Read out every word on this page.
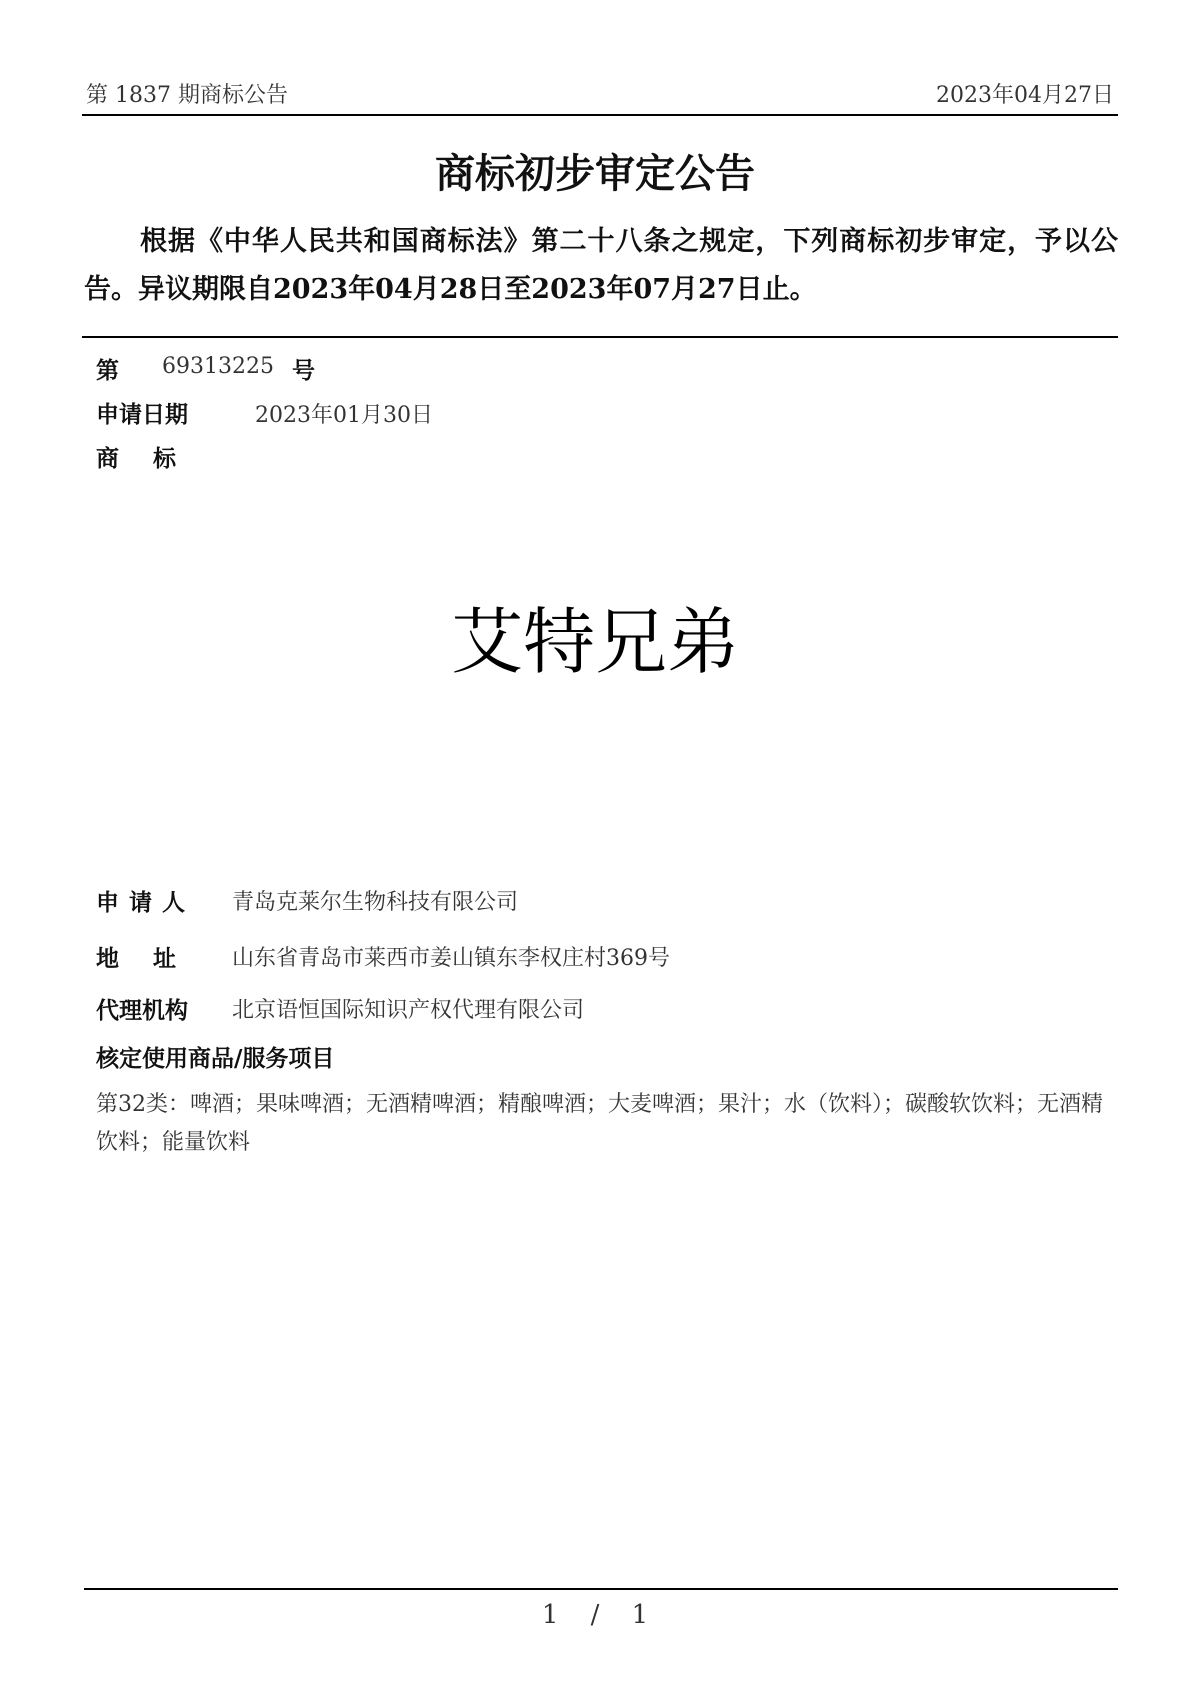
第 1837 期商标公告	2023年04月27日
商标初步审定公告
根据《中华人民共和国商标法》第二十八条之规定，下列商标初步审定，予以公告。异议期限自2023年04月28日至2023年07月27日止。
第 69313225 号
申请日期	2023年01月30日
商标
艾特兄弟
申请人 青岛克莱尔生物科技有限公司
地址 山东省青岛市莱西市姜山镇东李权庄村369号
代理机构 北京语恒国际知识产权代理有限公司
核定使用商品/服务项目
第32类：啤酒；果味啤酒；无酒精啤酒；精酿啤酒；大麦啤酒；果汁；水（饮料）；碳酸软饮料；无酒精饮料；能量饮料
1 / 1
